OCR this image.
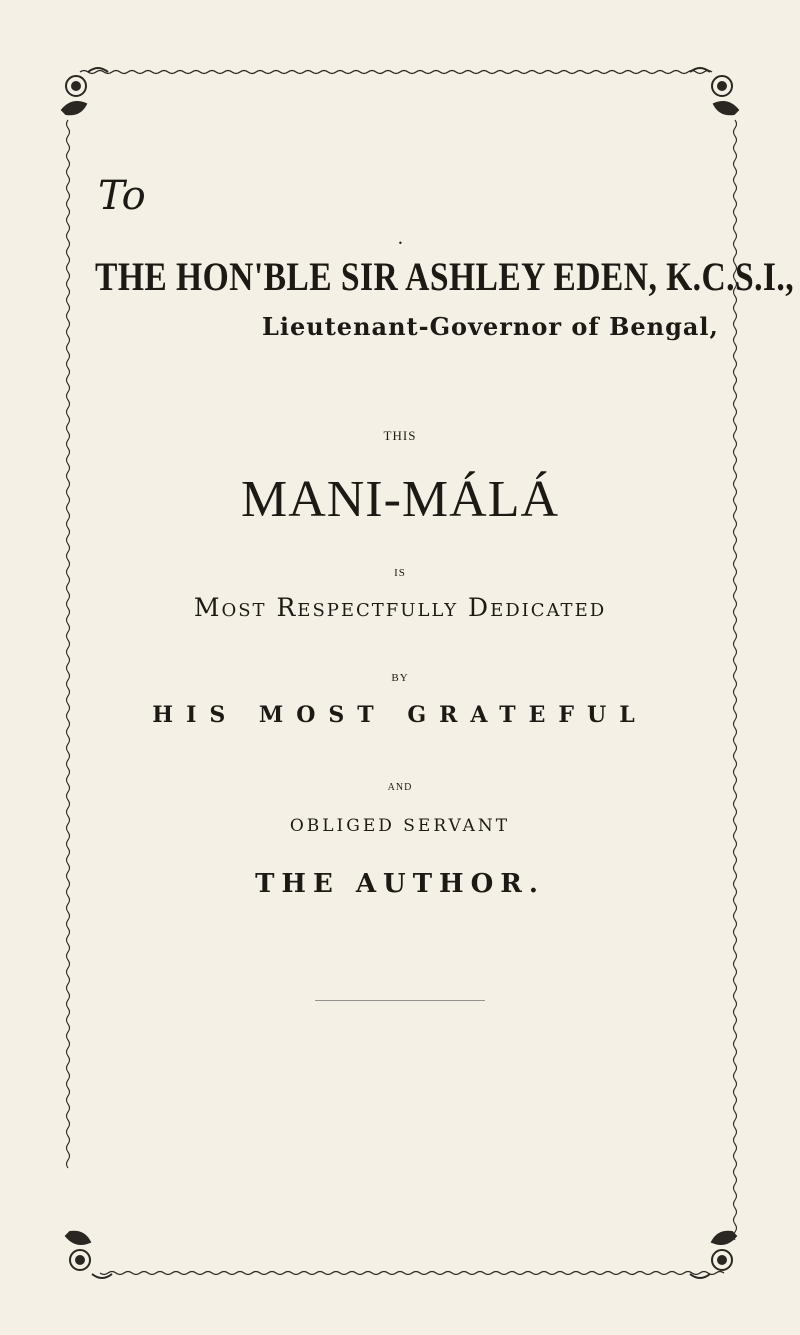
To
•
THE HON'BLE SIR ASHLEY EDEN, K.C.S.I.,
Lieutenant-Governor of Bengal,
THIS
MANI-MÁLÁ
IS
Most Respectfully Dedicated
BY
HIS MOST GRATEFUL
AND
OBLIGED SERVANT
THE AUTHOR.
